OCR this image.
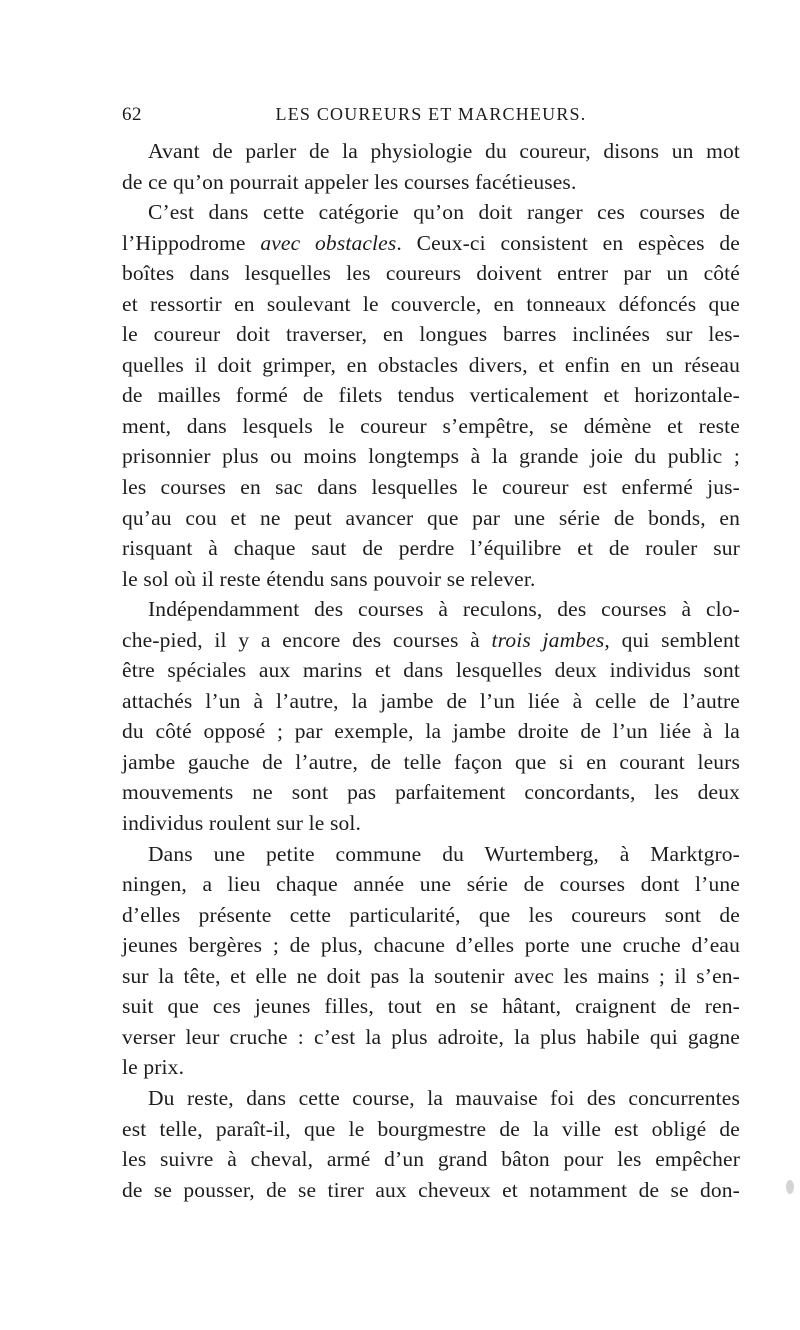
62	LES COUREURS ET MARCHEURS.
Avant de parler de la physiologie du coureur, disons un mot
de ce qu’on pourrait appeler les courses facétieuses.
C’est dans cette catégorie qu’on doit ranger ces courses de
l’Hippodrome avec obstacles. Ceux-ci consistent en espèces de
boîtes dans lesquelles les coureurs doivent entrer par un côté
et ressortir en soulevant le couvercle, en tonneaux défoncés que
le coureur doit traverser, en longues barres inclinées sur les-
quelles il doit grimper, en obstacles divers, et enfin en un réseau
de mailles formé de filets tendus verticalement et horizontale-
ment, dans lesquels le coureur s’empêtre, se démène et reste
prisonnier plus ou moins longtemps à la grande joie du public ;
les courses en sac dans lesquelles le coureur est enfermé jus-
qu’au cou et ne peut avancer que par une série de bonds, en
risquant à chaque saut de perdre l’équilibre et de rouler sur
le sol où il reste étendu sans pouvoir se relever.
Indépendamment des courses à reculons, des courses à clo-
che-pied, il y a encore des courses à trois jambes, qui semblent
être spéciales aux marins et dans lesquelles deux individus sont
attachés l’un à l’autre, la jambe de l’un liée à celle de l’autre
du côté opposé ; par exemple, la jambe droite de l’un liée à la
jambe gauche de l’autre, de telle façon que si en courant leurs
mouvements ne sont pas parfaitement concordants, les deux
individus roulent sur le sol.
Dans une petite commune du Wurtemberg, à Marktgro-
ningen, a lieu chaque année une série de courses dont l’une
d’elles présente cette particularité, que les coureurs sont de
jeunes bergères ; de plus, chacune d’elles porte une cruche d’eau
sur la tête, et elle ne doit pas la soutenir avec les mains ; il s’en-
suit que ces jeunes filles, tout en se hâtant, craignent de ren-
verser leur cruche : c’est la plus adroite, la plus habile qui gagne
le prix.
Du reste, dans cette course, la mauvaise foi des concurrentes
est telle, paraît-il, que le bourgmestre de la ville est obligé de
les suivre à cheval, armé d’un grand bâton pour les empêcher
de se pousser, de se tirer aux cheveux et notamment de se don-
